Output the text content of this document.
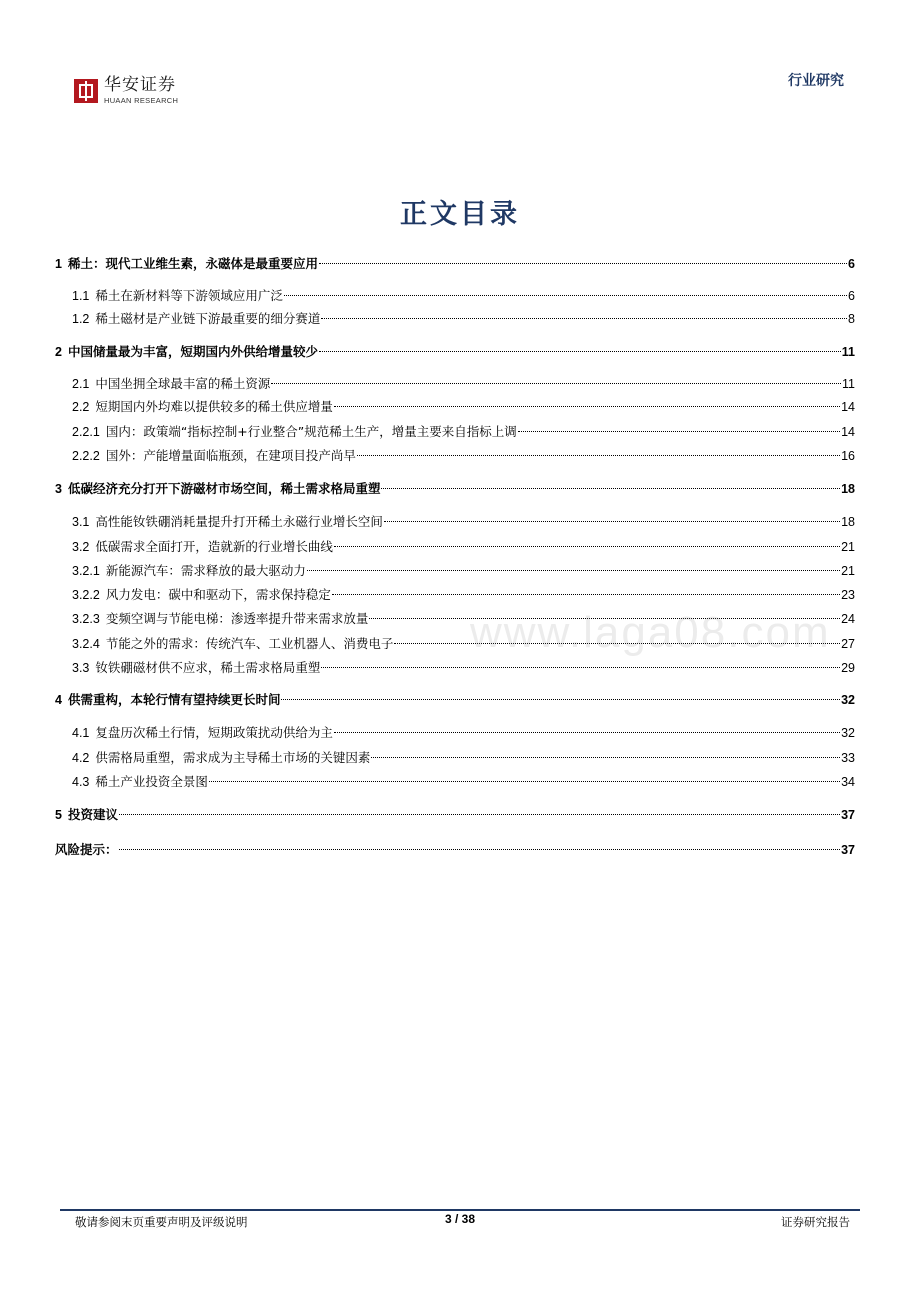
华安证券
HUAAN RESEARCH
行业研究
正文目录
1 稀土：现代工业维生素，永磁体是最重要应用	6
1.1 稀土在新材料等下游领域应用广泛	6
1.2 稀土磁材是产业链下游最重要的细分赛道	8
2 中国储量最为丰富，短期国内外供给增量较少	11
2.1 中国坐拥全球最丰富的稀土资源	11
2.2 短期国内外均难以提供较多的稀土供应增量	14
2.2.1 国内：政策端“指标控制+行业整合”规范稀土生产，增量主要来自指标上调	14
2.2.2 国外：产能增量面临瓶颈，在建项目投产尚早	16
3 低碳经济充分打开下游磁材市场空间，稀土需求格局重塑	18
3.1 高性能钕铁硼消耗量提升打开稀土永磁行业增长空间	18
3.2 低碳需求全面打开，造就新的行业增长曲线	21
3.2.1 新能源汽车：需求释放的最大驱动力	21
3.2.2 风力发电：碳中和驱动下，需求保持稳定	23
3.2.3 变频空调与节能电梯：渗透率提升带来需求放量	24
3.2.4 节能之外的需求：传统汽车、工业机器人、消费电子	27
3.3 钕铁硼磁材供不应求，稀土需求格局重塑	29
4 供需重构，本轮行情有望持续更长时间	32
4.1 复盘历次稀土行情，短期政策扰动供给为主	32
4.2 供需格局重塑，需求成为主导稀土市场的关键因素	33
4.3 稀土产业投资全景图	34
5 投资建议	37
风险提示：	37
www.laga08.com
敬请参阅末页重要声明及评级说明	3 / 38	证券研究报告
